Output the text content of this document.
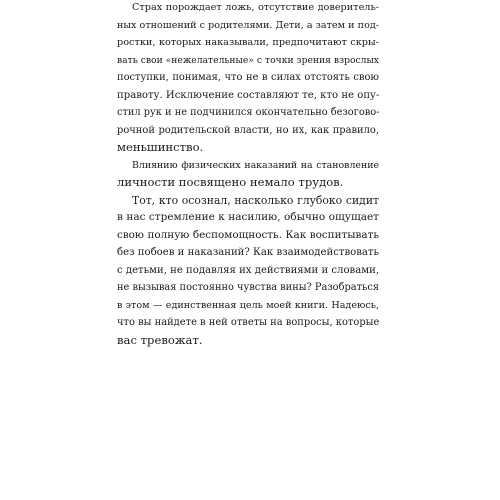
Страх порождает ложь, отсутствие доверитель-
ных отношений с родителями. Дети, а затем и под-
ростки, которых наказывали, предпочитают скры-
вать свои «нежелательные» с точки зрения взрослых
поступки, понимая, что не в силах отстоять свою
правоту. Исключение составляют те, кто не опу-
стил рук и не подчинился окончательно безогово-
рочной родительской власти, но их, как правило,
меньшинство.
Влиянию физических наказаний на становление
личности посвящено немало трудов.
Тот, кто осознал, насколько глубоко сидит
в нас стремление к насилию, обычно ощущает
свою полную беспомощность. Как воспитывать
без побоев и наказаний? Как взаимодействовать
с детьми, не подавляя их действиями и словами,
не вызывая постоянно чувства вины? Разобраться
в этом — единственная цель моей книги. Надеюсь,
что вы найдете в ней ответы на вопросы, которые
вас тревожат.
